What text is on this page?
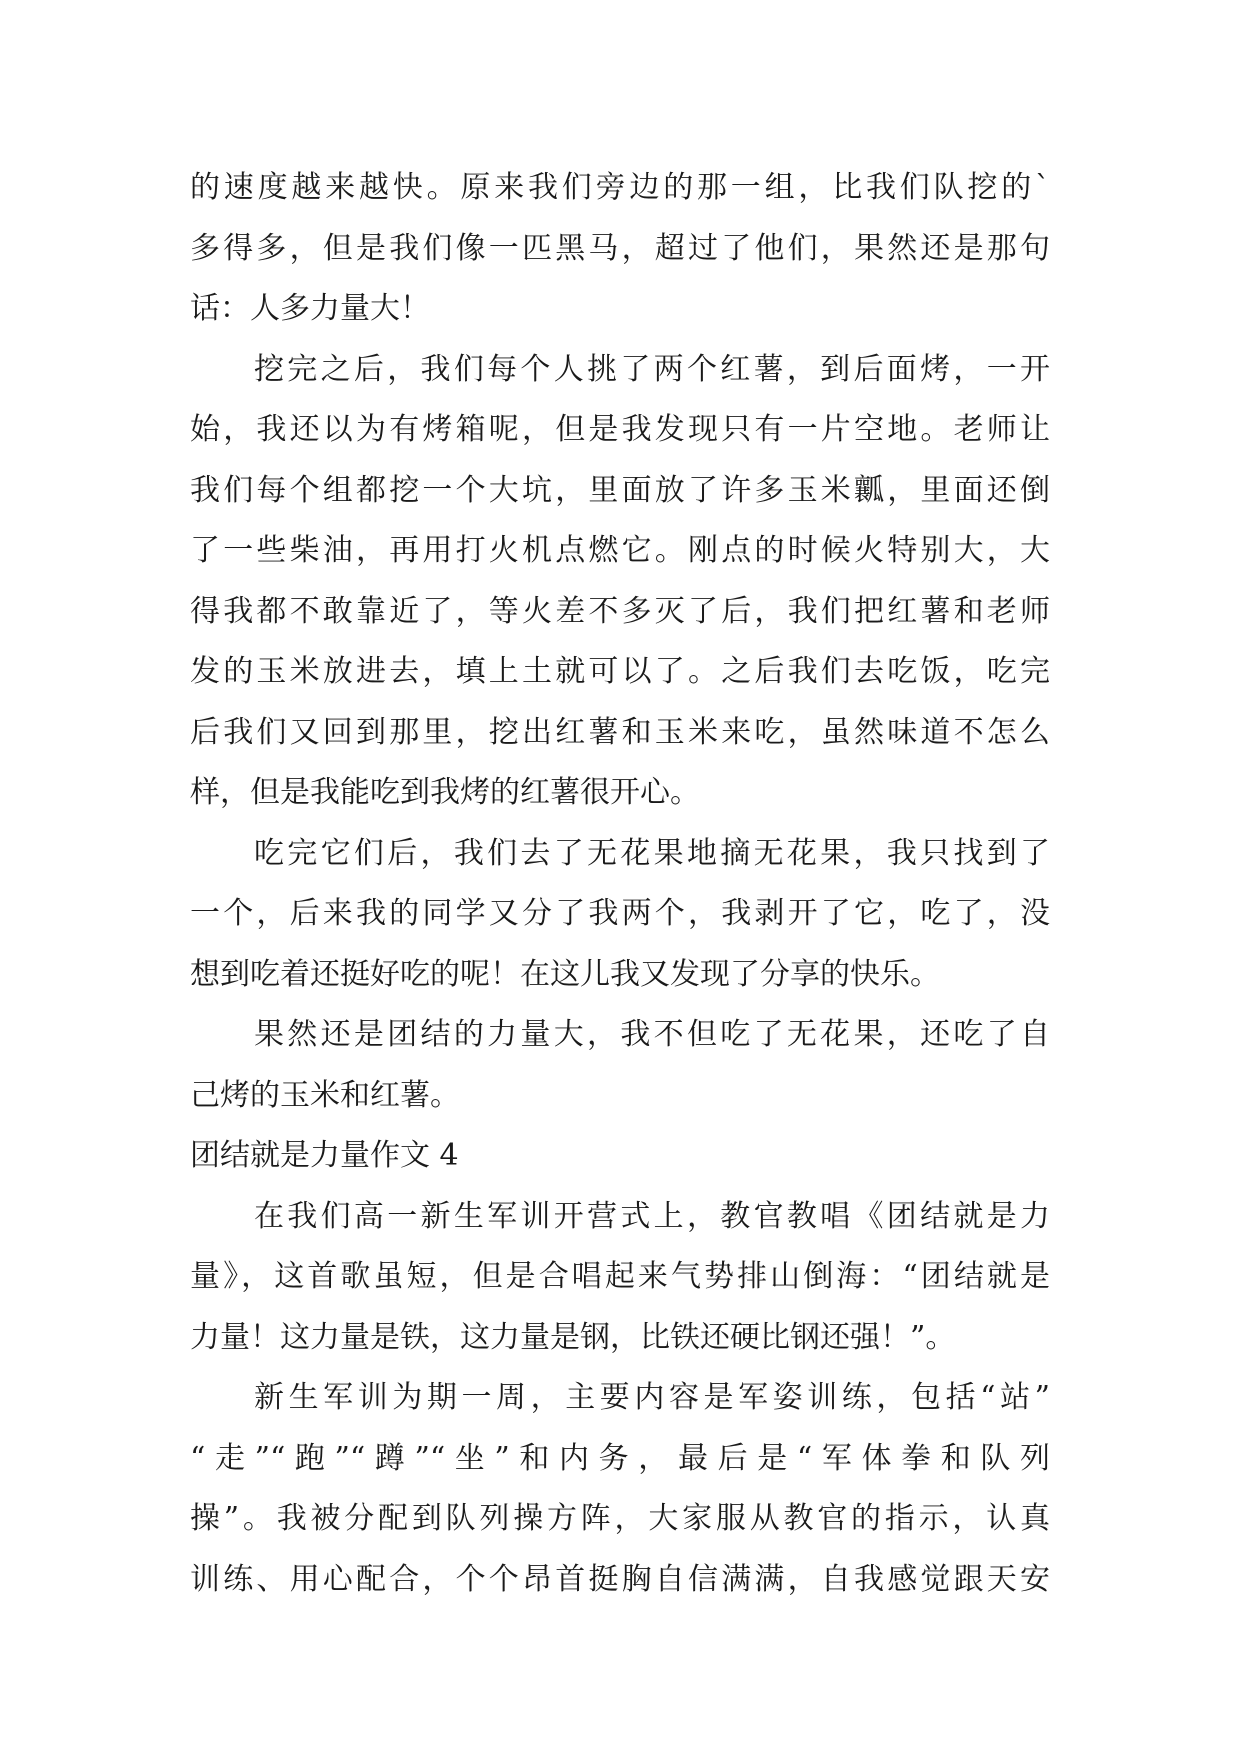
的速度越来越快。原来我们旁边的那一组，比我们队挖的`
多得多，但是我们像一匹黑马，超过了他们，果然还是那句
话：人多力量大！
挖完之后，我们每个人挑了两个红薯，到后面烤，一开
始，我还以为有烤箱呢，但是我发现只有一片空地。老师让
我们每个组都挖一个大坑，里面放了许多玉米瓤，里面还倒
了一些柴油，再用打火机点燃它。刚点的时候火特别大，大
得我都不敢靠近了，等火差不多灭了后，我们把红薯和老师
发的玉米放进去，填上土就可以了。之后我们去吃饭，吃完
后我们又回到那里，挖出红薯和玉米来吃，虽然味道不怎么
样，但是我能吃到我烤的红薯很开心。
吃完它们后，我们去了无花果地摘无花果，我只找到了
一个，后来我的同学又分了我两个，我剥开了它，吃了，没
想到吃着还挺好吃的呢！在这儿我又发现了分享的快乐。
果然还是团结的力量大，我不但吃了无花果，还吃了自
己烤的玉米和红薯。
团结就是力量作文 4
在我们高一新生军训开营式上，教官教唱《团结就是力
量》，这首歌虽短，但是合唱起来气势排山倒海：“团结就是
力量！这力量是铁，这力量是钢，比铁还硬比钢还强！”。
新生军训为期一周，主要内容是军姿训练，包括“站”
“走”“跑”“蹲”“坐”和内务，最后是“军体拳和队列
操”。我被分配到队列操方阵，大家服从教官的指示，认真
训练、用心配合，个个昂首挺胸自信满满，自我感觉跟天安
